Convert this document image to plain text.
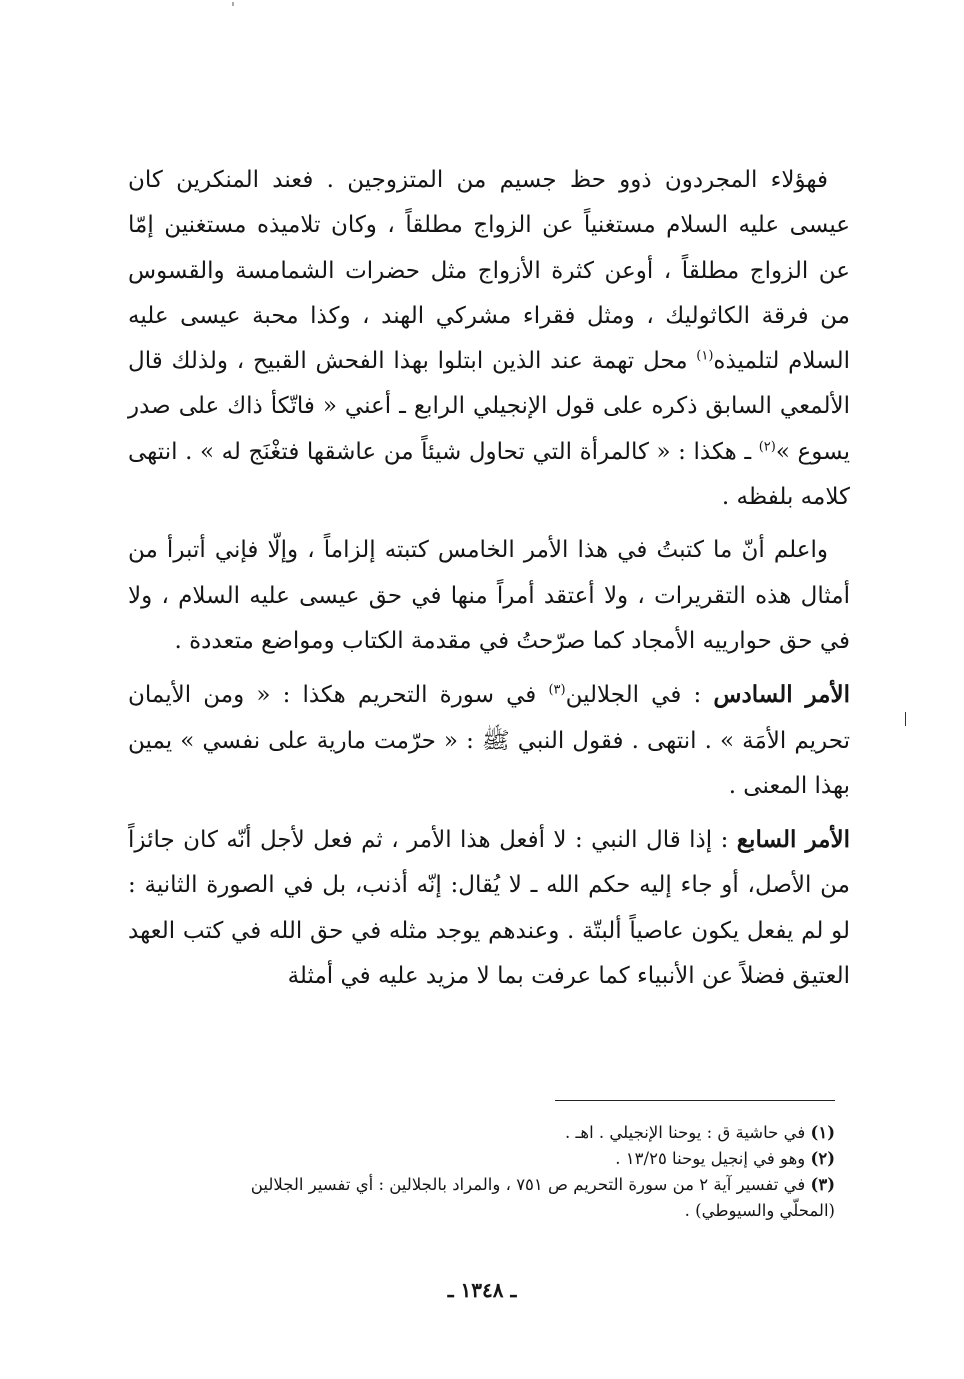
فهؤلاء المجردون ذوو حظ جسيم من المتزوجين . فعند المنكرين كان عيسى عليه السلام مستغنياً عن الزواج مطلقاً ، وكان تلاميذه مستغنين إمّا عن الزواج مطلقاً ، أوعن كثرة الأزواج مثل حضرات الشمامسة والقسوس من فرقة الكاثوليك ، ومثل فقراء مشركي الهند ، وكذا محبة عيسى عليه السلام لتلميذه$^{(١)}$ محل تهمة عند الذين ابتلوا بهذا الفحش القبيح ، ولذلك قال الألمعي السابق ذكره على قول الإنجيلي الرابع ـ أعني « فاتّكأ ذاك على صدر يسوع »$^{(٢)}$ ـ هكذا : « كالمرأة التي تحاول شيئاً من عاشقها فتغْنَج له » . انتهى كلامه بلفظه .

واعلم أنّ ما كتبتُ في هذا الأمر الخامس كتبته إلزاماً ، وإلّا فإني أتبرأ من أمثال هذه التقريرات ، ولا أعتقد أمراً منها في حق عيسى عليه السلام ، ولا في حق حوارييه الأمجاد كما صرّحتُ في مقدمة الكتاب ومواضع متعددة .

الأمر السادس : في الجلالين$^{(٣)}$ في سورة التحريم هكذا : « ومن الأيمان تحريم الأمَة » . انتهى . فقول النبي ﷺ : « حرّمت مارية على نفسي » يمين بهذا المعنى .

الأمر السابع : إذا قال النبي : لا أفعل هذا الأمر ، ثم فعل لأجل أنّه كان جائزاً من الأصل، أو جاء إليه حكم الله ـ لا يُقال: إنّه أذنب، بل في الصورة الثانية : لو لم يفعل يكون عاصياً ألبتّة . وعندهم يوجد مثله في حق الله في كتب العهد العتيق فضلاً عن الأنبياء كما عرفت بما لا مزيد عليه في أمثلة

(١) في حاشية ق : يوحنا الإنجيلي . اهـ .

(٢) وهو في إنجيل يوحنا ١٣/٢٥ .

(٣) في تفسير آية ٢ من سورة التحريم ص ٧٥١ ، والمراد بالجلالين : أي تفسير الجلالين

(المحلّي والسيوطي) .

ـ ١٣٤٨ ـ
